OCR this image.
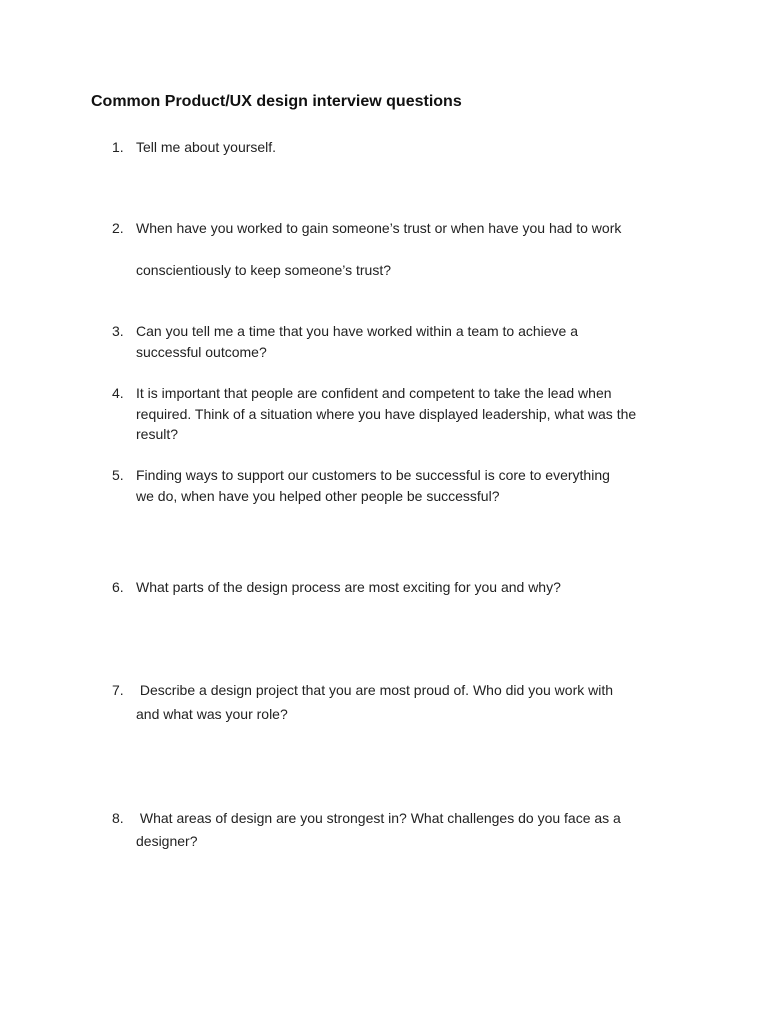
Common Product/UX design interview questions
1. Tell me about yourself.
2. When have you worked to gain someone’s trust or when have you had to work
conscientiously to keep someone’s trust?
3. Can you tell me a time that you have worked within a team to achieve a
successful outcome?
4. It is important that people are confident and competent to take the lead when
required. Think of a situation where you have displayed leadership, what was the
result?
5. Finding ways to support our customers to be successful is core to everything
we do, when have you helped other people be successful?
6. What parts of the design process are most exciting for you and why?
7. Describe a design project that you are most proud of. Who did you work with
and what was your role?
8. What areas of design are you strongest in? What challenges do you face as a
designer?
